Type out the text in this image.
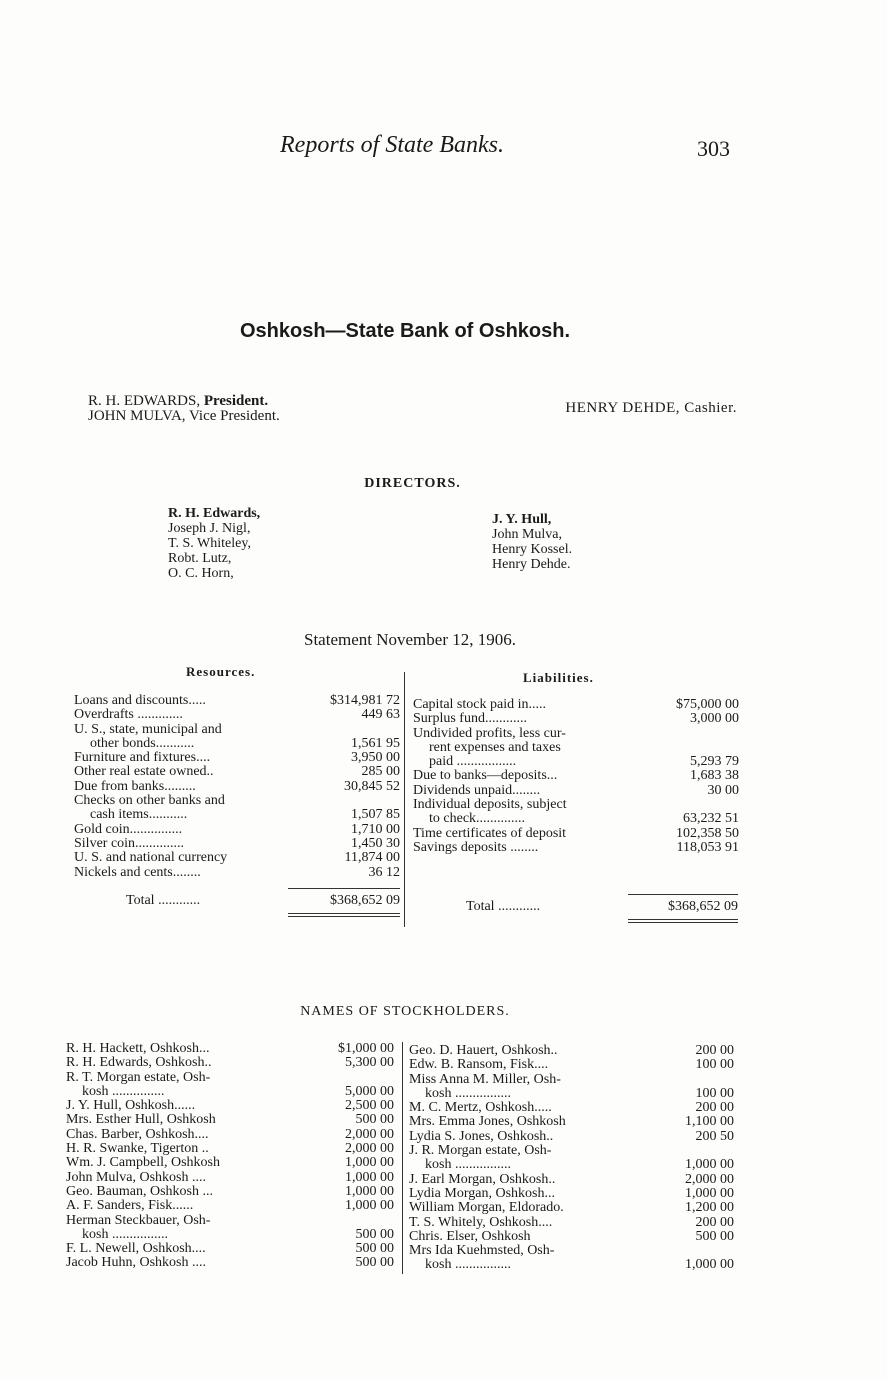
Reports of State Banks.	303
Oshkosh—State Bank of Oshkosh.
R. H. EDWARDS, President.
JOHN MULVA, Vice President.	HENRY DEHDE, Cashier.
DIRECTORS.
R. H. Edwards,
Joseph J. Nigl,
T. S. Whiteley,
Robt. Lutz,
O. C. Horn,
J. Y. Hull,
John Mulva,
Henry Kossel.
Henry Dehde.
Statement November 12, 1906.
Resources.	Liabilities.
Loans and discounts.....	$314,981 72
Overdrafts .............	449 63
U. S., state, municipal and
other bonds...........	1,561 95
Furniture and fixtures....	3,950 00
Other real estate owned..	285 00
Due from banks.........	30,845 52
Checks on other banks and
cash items...........	1,507 85
Gold coin...............	1,710 00
Silver coin..............	1,450 30
U. S. and national currency	11,874 00
Nickels and cents........	36 12
Capital stock paid in.....	$75,000 00
Surplus fund............	3,000 00
Undivided profits, less cur-
rent expenses and taxes
paid .................	5,293 79
Due to banks—deposits...	1,683 38
Dividends unpaid........	30 00
Individual deposits, subject
to check..............	63,232 51
Time certificates of deposit	102,358 50
Savings deposits ........	118,053 91
Total ............	$368,652 09	Total ............	$368,652 09
NAMES OF STOCKHOLDERS.
R. H. Hackett, Oshkosh...	$1,000 00
R. H. Edwards, Oshkosh..	5,300 00
R. T. Morgan estate, Osh-
kosh ...............	5,000 00
J. Y. Hull, Oshkosh......	2,500 00
Mrs. Esther Hull, Oshkosh	500 00
Chas. Barber, Oshkosh....	2,000 00
H. R. Swanke, Tigerton ..	2,000 00
Wm. J. Campbell, Oshkosh	1,000 00
John Mulva, Oshkosh ....	1,000 00
Geo. Bauman, Oshkosh ...	1,000 00
A. F. Sanders, Fisk......	1,000 00
Herman Steckbauer, Osh-
kosh ................	500 00
F. L. Newell, Oshkosh....	500 00
Jacob Huhn, Oshkosh ....	500 00
Geo. D. Hauert, Oshkosh..	200 00
Edw. B. Ransom, Fisk....	100 00
Miss Anna M. Miller, Osh-
kosh ................	100 00
M. C. Mertz, Oshkosh.....	200 00
Mrs. Emma Jones, Oshkosh	1,100 00
Lydia S. Jones, Oshkosh..	200 50
J. R. Morgan estate, Osh-
kosh ................	1,000 00
J. Earl Morgan, Oshkosh..	2,000 00
Lydia Morgan, Oshkosh...	1,000 00
William Morgan, Eldorado.	1,200 00
T. S. Whitely, Oshkosh....	200 00
Chris. Elser, Oshkosh	500 00
Mrs Ida Kuehmsted, Osh-
kosh ................	1,000 00
